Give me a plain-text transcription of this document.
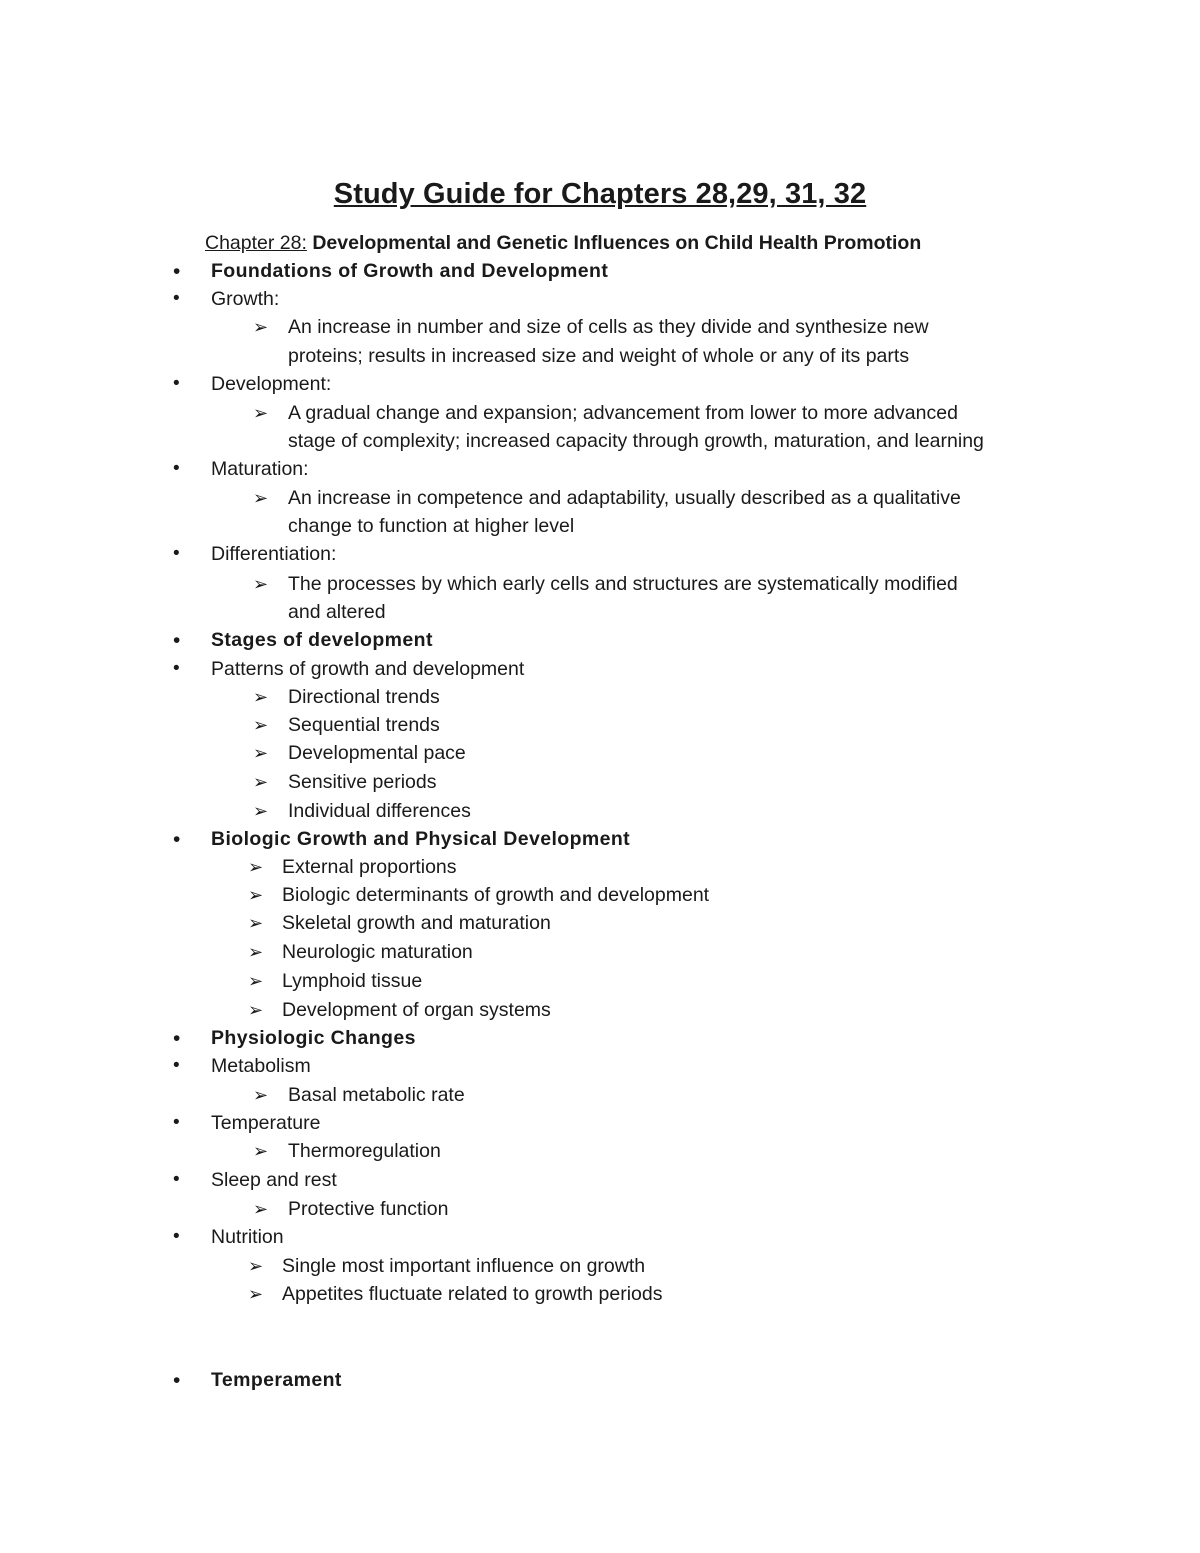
Study Guide for Chapters 28,29, 31, 32
Chapter 28: Developmental and Genetic Influences on Child Health Promotion
• Foundations of Growth and Development
• Growth:
➢ An increase in number and size of cells as they divide and synthesize new
proteins; results in increased size and weight of whole or any of its parts
• Development:
➢ A gradual change and expansion; advancement from lower to more advanced
stage of complexity; increased capacity through growth, maturation, and learning
• Maturation:
➢ An increase in competence and adaptability, usually described as a qualitative
change to function at higher level
• Differentiation:
➢ The processes by which early cells and structures are systematically modified
and altered
• Stages of development
• Patterns of growth and development
➢ Directional trends
➢ Sequential trends
➢ Developmental pace
➢ Sensitive periods
➢ Individual differences
• Biologic Growth and Physical Development
➢ External proportions
➢ Biologic determinants of growth and development
➢ Skeletal growth and maturation
➢ Neurologic maturation
➢ Lymphoid tissue
➢ Development of organ systems
• Physiologic Changes
• Metabolism
➢ Basal metabolic rate
• Temperature
➢ Thermoregulation
• Sleep and rest
➢ Protective function
• Nutrition
➢ Single most important influence on growth
➢ Appetites fluctuate related to growth periods
• Temperament
